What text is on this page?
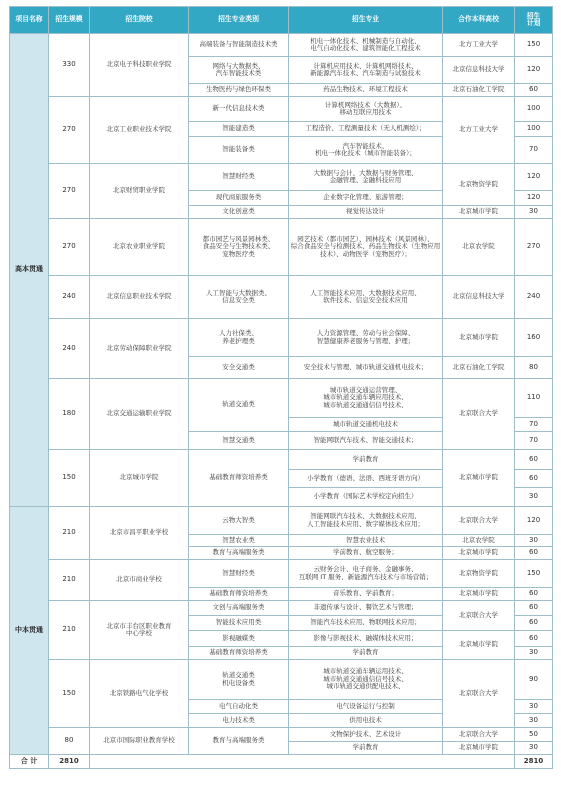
项目名称	招生规模	招生院校	招生专业类别	招生专业	合作本科高校	招生
计划
高本贯通	330	北京电子科技职业学院	高端装备与智能制造技术类	机电一体化技术、机械制造与自动化、
电气自动化技术、建筑智能化工程技术	北方工业大学	150
			网络与大数据类、
汽车智能技术类	计算机应用技术、计算机网络技术、
新能源汽车技术、汽车制造与试验技术	北京信息科技大学	120
			生物医药与绿色环保类	药品生物技术、环境工程技术	北京石油化工学院	60
	270	北京工业职业技术学院	新一代信息技术类	计算机网络技术（大数据）、
移动互联应用技术	北方工业大学	100
			智能建造类	工程造价、工程测量技术（无人机测绘）；		100
			智能装备类	汽车智能技术、
机电一体化技术（城市智能装备）；		70
	270	北京财贸职业学院	智慧财经类	大数据与会计、大数据与财务管理、
金融管理、金融科技应用	北京物资学院	120
			现代商旅服务类	企业数字化管理、旅游管理；		120
			文化创意类	视觉传达设计	北京城市学院	30
	270	北京农业职业学院	都市园艺与风景园林类、
食品安全与生物技术类、
宠物医疗类	园艺技术（都市园艺）、园林技术（风景园林）、
综合食品安全与检测技术、药品生物技术（生物应用
技术）、动物医学（宠物医疗）；	北京农学院	270
	240	北京信息职业技术学院	人工智能与大数据类、
信息安全类	人工智能技术应用、大数据技术应用、
软件技术、信息安全技术应用	北京信息科技大学	240
	240	北京劳动保障职业学院	人力社保类、
养老护理类	人力资源管理、劳动与社会保障、
智慧健康养老服务与管理、护理；	北京城市学院	160
			安全交通类	安全技术与管理、城市轨道交通机电技术；	北京石油化工学院	80
	180	北京交通运输职业学院	轨道交通类	城市轨道交通运营管理、
城市轨道交通车辆应用技术、
城市轨道交通通信信号技术、	北京联合大学	110
				城市轨道交通机电技术		70
			智慧交通类	智能网联汽车技术、智能交通技术；		70
	150	北京城市学院	基础教育师资培养类	学前教育	北京城市学院	60
				小学教育（德语、法语、西班牙语方向）		60
				小学教育（国际艺术学校定向招生）		30
中本贯通	210	北京市昌平职业学校	云物大智类	智能网联汽车技术、大数据技术应用、
人工智能技术应用、数字媒体技术应用；	北京联合大学	120
			智慧农业类	智慧农业技术	北京农学院	30
			教育与高端服务类	学前教育、航空服务；	北京城市学院	60
	210	北京市商业学校	智慧财经类	云财务会计、电子商务、金融事务、
互联网 IT 服务、新能源汽车技术与市场营销；	北京物资学院	150
			基础教育师资培养类	音乐教育、学前教育；	北京城市学院	60
	210	北京市丰台区职业教育
中心学校	文创与高端服务类	非遗传承与设计、餐饮艺术与管理；	北京联合大学	60
			智能技术应用类	智能汽车技术应用、物联网技术应用；		60
			影视融媒类	影像与影视技术、融媒体技术应用；	北京城市学院	60
			基础教育师资培养类	学前教育		30
	150	北京铁路电气化学校	轨道交通类
机电设备类	城市轨道交通车辆运用技术、
城市轨道交通通信信号技术、
城市轨道交通供配电技术、	北京联合大学	90
			电气自动化类	电气设备运行与控制		30
			电力技术类	供用电技术		30
	80	北京市国际职业教育学校	教育与高端服务类	文物保护技术、艺术设计	北京联合大学	50
				学前教育	北京城市学院	30
合 计	2810					2810
